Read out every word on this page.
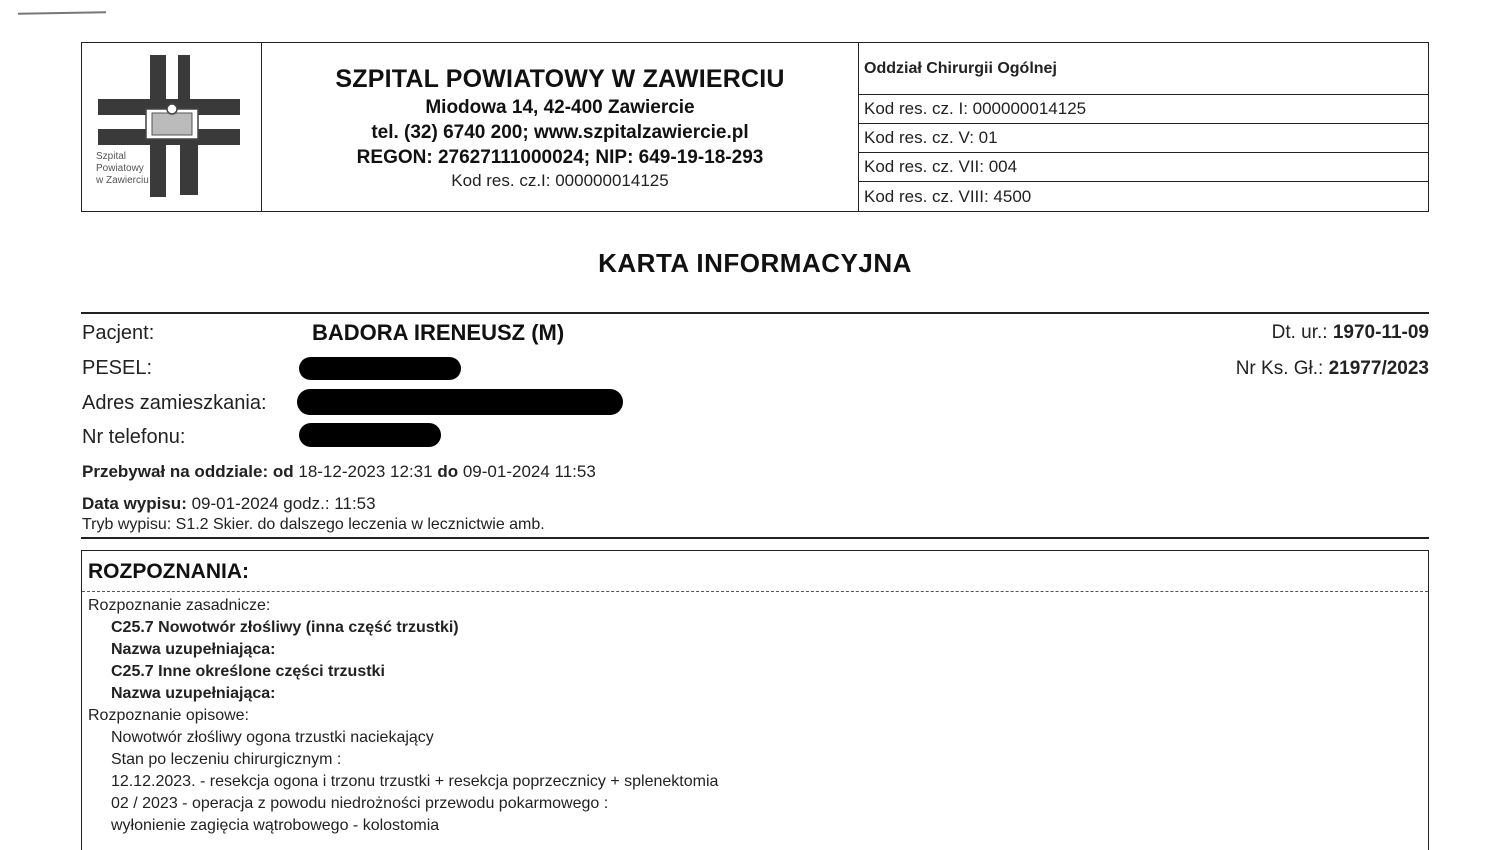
Szpital
Powiatowy
w Zawierciu
SZPITAL POWIATOWY W ZAWIERCIU
Miodowa 14, 42-400 Zawiercie
tel. (32) 6740 200; www.szpitalzawiercie.pl
REGON: 27627111000024; NIP: 649-19-18-293
Kod res. cz.I: 000000014125
Oddział Chirurgii Ogólnej
Kod res. cz. I: 000000014125
Kod res. cz. V: 01
Kod res. cz. VII: 004
Kod res. cz. VIII: 4500
KARTA INFORMACYJNA
Pacjent:	BADORA IRENEUSZ (M)	Dt. ur.: 1970-11-09
PESEL:	Nr Ks. Gł.: 21977/2023
Adres zamieszkania:
Nr telefonu:
Przebywał na oddziale: od 18-12-2023 12:31 do 09-01-2024 11:53
Data wypisu: 09-01-2024 godz.: 11:53
Tryb wypisu: S1.2 Skier. do dalszego leczenia w lecznictwie amb.
ROZPOZNANIA:
Rozpoznanie zasadnicze:
C25.7 Nowotwór złośliwy (inna część trzustki)
Nazwa uzupełniająca:
C25.7 Inne określone części trzustki
Nazwa uzupełniająca:
Rozpoznanie opisowe:
Nowotwór złośliwy ogona trzustki naciekający
Stan po leczeniu chirurgicznym :
12.12.2023. - resekcja ogona i trzonu trzustki + resekcja poprzecznicy + splenektomia
02 / 2023 - operacja z powodu niedrożności przewodu pokarmowego :
wyłonienie zagięcia wątrobowego - kolostomia
